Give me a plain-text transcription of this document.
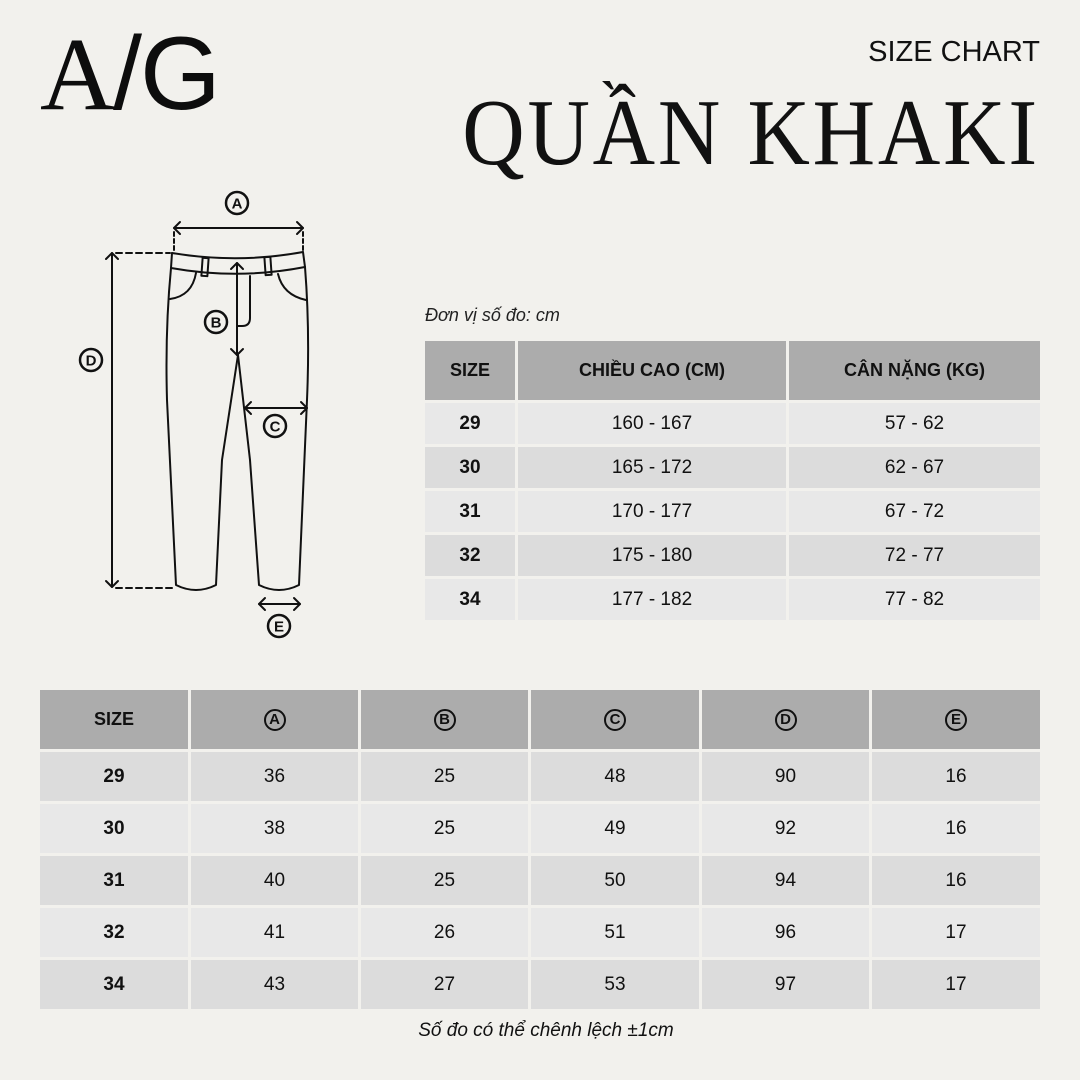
A/G	SIZE CHART
QUẦN KHAKI
A
B
C
D
E
Đơn vị số đo: cm
SIZE	CHIỀU CAO (CM)	CÂN NẶNG (KG)
29	160 - 167	57 - 62
30	165 - 172	62 - 67
31	170 - 177	67 - 72
32	175 - 180	72 - 77
34	177 - 182	77 - 82
SIZE	A	B	C	D	E
29	36	25	48	90	16
30	38	25	49	92	16
31	40	25	50	94	16
32	41	26	51	96	17
34	43	27	53	97	17
Số đo có thể chênh lệch ±1cm
